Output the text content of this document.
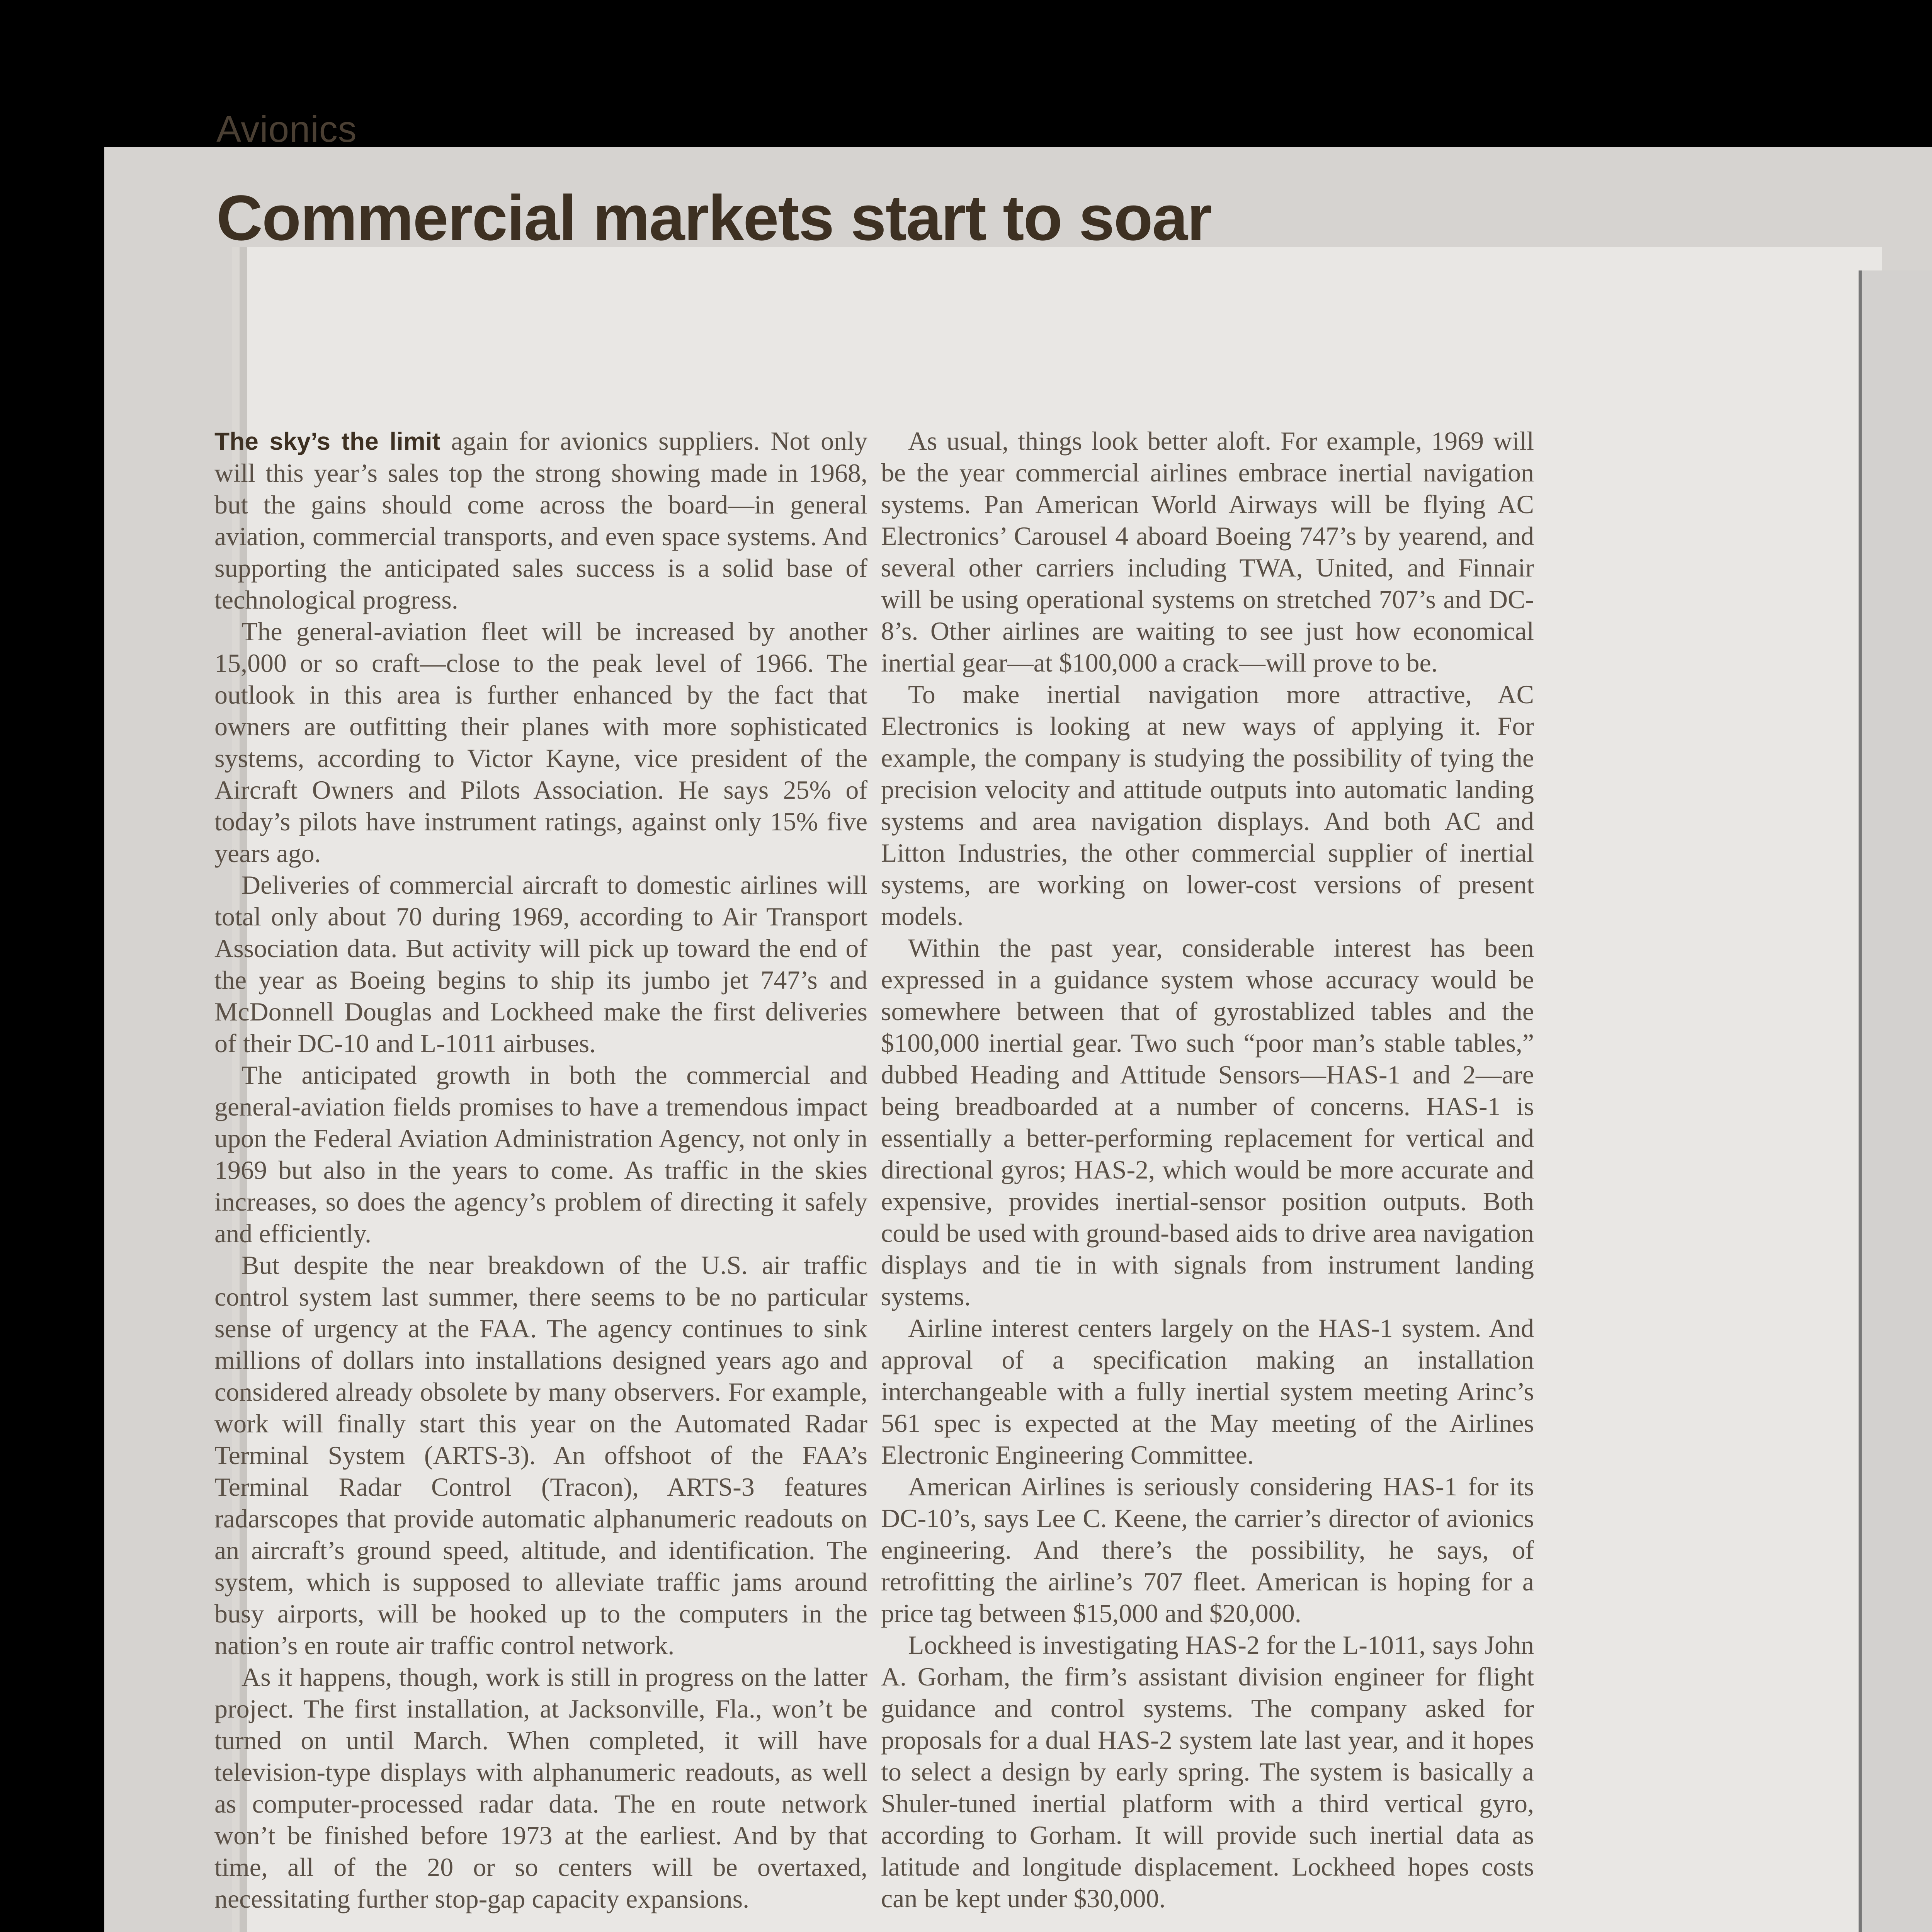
Avionics
Commercial markets start to soar

The sky’s the limit again for avionics suppliers. Not only will this year’s sales top the strong showing made in 1968, but the gains should come across the board—in general aviation, commercial transports, and even space systems. And supporting the anticipated sales success is a solid base of technological progress.

The general-aviation fleet will be increased by another 15,000 or so craft—close to the peak level of 1966. The outlook in this area is further enhanced by the fact that owners are outfitting their planes with more sophisticated systems, according to Victor Kayne, vice president of the Aircraft Owners and Pilots Association. He says 25% of today’s pilots have instrument ratings, against only 15% five years ago.

Deliveries of commercial aircraft to domestic airlines will total only about 70 during 1969, according to Air Transport Association data. But activity will pick up toward the end of the year as Boeing begins to ship its jumbo jet 747’s and McDonnell Douglas and Lockheed make the first deliveries of their DC-10 and L-1011 airbuses.

The anticipated growth in both the commercial and general-aviation fields promises to have a tremendous impact upon the Federal Aviation Administration Agency, not only in 1969 but also in the years to come. As traffic in the skies increases, so does the agency’s problem of directing it safely and efficiently.

But despite the near breakdown of the U.S. air traffic control system last summer, there seems to be no particular sense of urgency at the FAA. The agency continues to sink millions of dollars into installations designed years ago and considered already obsolete by many observers. For example, work will finally start this year on the Automated Radar Terminal System (ARTS-3). An offshoot of the FAA’s Terminal Radar Control (Tracon), ARTS-3 features radarscopes that provide automatic alphanumeric readouts on an aircraft’s ground speed, altitude, and identification. The system, which is supposed to alleviate traffic jams around busy airports, will be hooked up to the computers in the nation’s en route air traffic control network.

As it happens, though, work is still in progress on the latter project. The first installation, at Jacksonville, Fla., won’t be turned on until March. When completed, it will have television-type displays with alphanumeric readouts, as well as computer-processed radar data. The en route network won’t be finished before 1973 at the earliest. And by that time, all of the 20 or so centers will be overtaxed, necessitating further stop-gap capacity expansions.

As usual, things look better aloft. For example, 1969 will be the year commercial airlines embrace inertial navigation systems. Pan American World Airways will be flying AC Electronics’ Carousel 4 aboard Boeing 747’s by yearend, and several other carriers including TWA, United, and Finnair will be using operational systems on stretched 707’s and DC-8’s. Other airlines are waiting to see just how economical inertial gear—at $100,000 a crack—will prove to be.

To make inertial navigation more attractive, AC Electronics is looking at new ways of applying it. For example, the company is studying the possibility of tying the precision velocity and attitude outputs into automatic landing systems and area navigation displays. And both AC and Litton Industries, the other commercial supplier of inertial systems, are working on lower-cost versions of present models.

Within the past year, considerable interest has been expressed in a guidance system whose accuracy would be somewhere between that of gyrostablized tables and the $100,000 inertial gear. Two such “poor man’s stable tables,” dubbed Heading and Attitude Sensors—HAS-1 and 2—are being breadboarded at a number of concerns. HAS-1 is essentially a better-performing replacement for vertical and directional gyros; HAS-2, which would be more accurate and expensive, provides inertial-sensor position outputs. Both could be used with ground-based aids to drive area navigation displays and tie in with signals from instrument landing systems.

Airline interest centers largely on the HAS-1 system. And approval of a specification making an installation interchangeable with a fully inertial system meeting Arinc’s 561 spec is expected at the May meeting of the Airlines Electronic Engineering Committee.

American Airlines is seriously considering HAS-1 for its DC-10’s, says Lee C. Keene, the carrier’s director of avionics engineering. And there’s the possibility, he says, of retrofitting the airline’s 707 fleet. American is hoping for a price tag between $15,000 and $20,000.

Lockheed is investigating HAS-2 for the L-1011, says John A. Gorham, the firm’s assistant division engineer for flight guidance and control systems. The company asked for proposals for a dual HAS-2 system late last year, and it hopes to select a design by early spring. The system is basically a Shuler-tuned inertial platform with a third vertical gyro, according to Gorham. It will provide such inertial data as latitude and longitude displacement. Lockheed hopes costs can be kept under $30,000.
